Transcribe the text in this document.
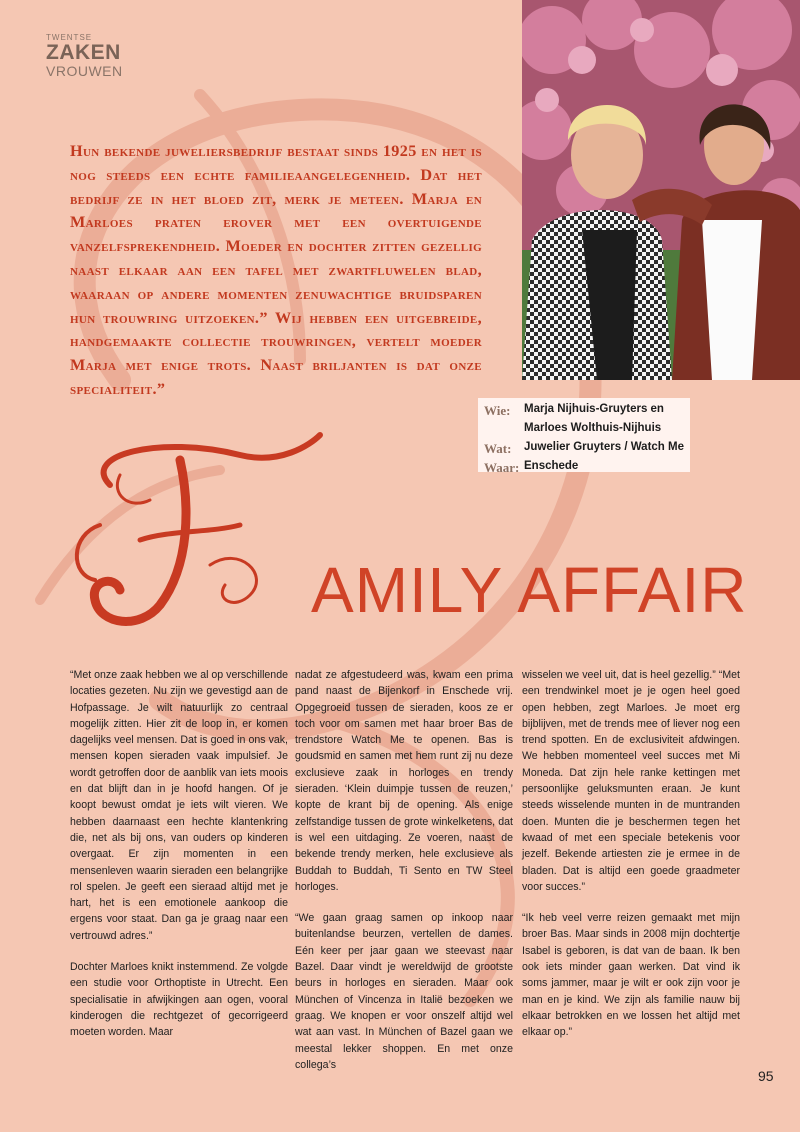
TWENTSE
ZAKEN
VROUWEN

Hun bekende juweliersbedrijf bestaat sinds 1925 en het is nog steeds een echte familieaangelegenheid. Dat het bedrijf ze in het bloed zit, merk je meteen. Marja en Marloes praten erover met een overtuigende vanzelfsprekendheid. Moeder en dochter zitten gezellig naast elkaar aan een tafel met zwartfluwelen blad, waaraan op andere momenten zenuwachtige bruidsparen hun trouwring uitzoeken.” Wij hebben een uitgebreide, handgemaakte collectie trouwringen, vertelt moeder Marja met enige trots. Naast briljanten is dat onze specialiteit.”

Wie:	Marja Nijhuis-Gruyters en
Marloes Wolthuis-Nijhuis
Wat:	Juwelier Gruyters / Watch Me
Waar: Enschede
F AMILY AFFAIR

“Met onze zaak hebben we al op verschillende locaties gezeten. Nu zijn we gevestigd aan de Hofpassage. Je wilt natuurlijk zo centraal mogelijk zitten. Hier zit de loop in, er komen dagelijks veel mensen. Dat is goed in ons vak, mensen kopen sieraden vaak impulsief. Je wordt getroffen door de aanblik van iets moois en dat blijft dan in je hoofd hangen. Of je koopt bewust omdat je iets wilt vieren. We hebben daarnaast een hechte klantenkring die, net als bij ons, van ouders op kinderen overgaat. Er zijn momenten in een mensenleven waarin sieraden een belangrijke rol spelen. Je geeft een sieraad altijd met je hart, het is een emotionele aankoop die ergens voor staat. Dan ga je graag naar een vertrouwd adres.”

Dochter Marloes knikt instemmend. Ze volgde een studie voor Orthoptiste in Utrecht. Een specialisatie in afwijkingen aan ogen, vooral kinderogen die rechtgezet of gecorrigeerd moeten worden. Maar

nadat ze afgestudeerd was, kwam een prima pand naast de Bijenkorf in Enschede vrij. Opgegroeid tussen de sieraden, koos ze er toch voor om samen met haar broer Bas de trendstore Watch Me te openen. Bas is goudsmid en samen met hem runt zij nu deze exclusieve zaak in horloges en trendy sieraden. ‘Klein duimpje tussen de reuzen,’ kopte de krant bij de opening. Als enige zelfstandige tussen de grote winkelketens, dat is wel een uitdaging. Ze voeren, naast de bekende trendy merken, hele exclusieve als Buddah to Buddah, Ti Sento en TW Steel horloges.

“We gaan graag samen op inkoop naar buitenlandse beurzen, vertellen de dames. Eén keer per jaar gaan we steevast naar Bazel. Daar vindt je wereldwijd de grootste beurs in horloges en sieraden. Maar ook München of Vincenza in Italië bezoeken we graag. We knopen er voor onszelf altijd wel wat aan vast. In München of Bazel gaan we meestal lekker shoppen. En met onze collega’s

wisselen we veel uit, dat is heel gezellig.” “Met een trendwinkel moet je je ogen heel goed open hebben, zegt Marloes. Je moet erg bijblijven, met de trends mee of liever nog een trend spotten. En de exclusiviteit afdwingen. We hebben momenteel veel succes met Mi Moneda. Dat zijn hele ranke kettingen met persoonlijke geluksmunten eraan. Je kunt steeds wisselende munten in de muntranden doen. Munten die je beschermen tegen het kwaad of met een speciale betekenis voor jezelf. Bekende artiesten zie je ermee in de bladen. Dat is altijd een goede graadmeter voor succes.”

“Ik heb veel verre reizen gemaakt met mijn broer Bas. Maar sinds in 2008 mijn dochtertje Isabel is geboren, is dat van de baan. Ik ben ook iets minder gaan werken. Dat vind ik soms jammer, maar je wilt er ook zijn voor je man en je kind. We zijn als familie nauw bij elkaar betrokken en we lossen het altijd met elkaar op.”

95
